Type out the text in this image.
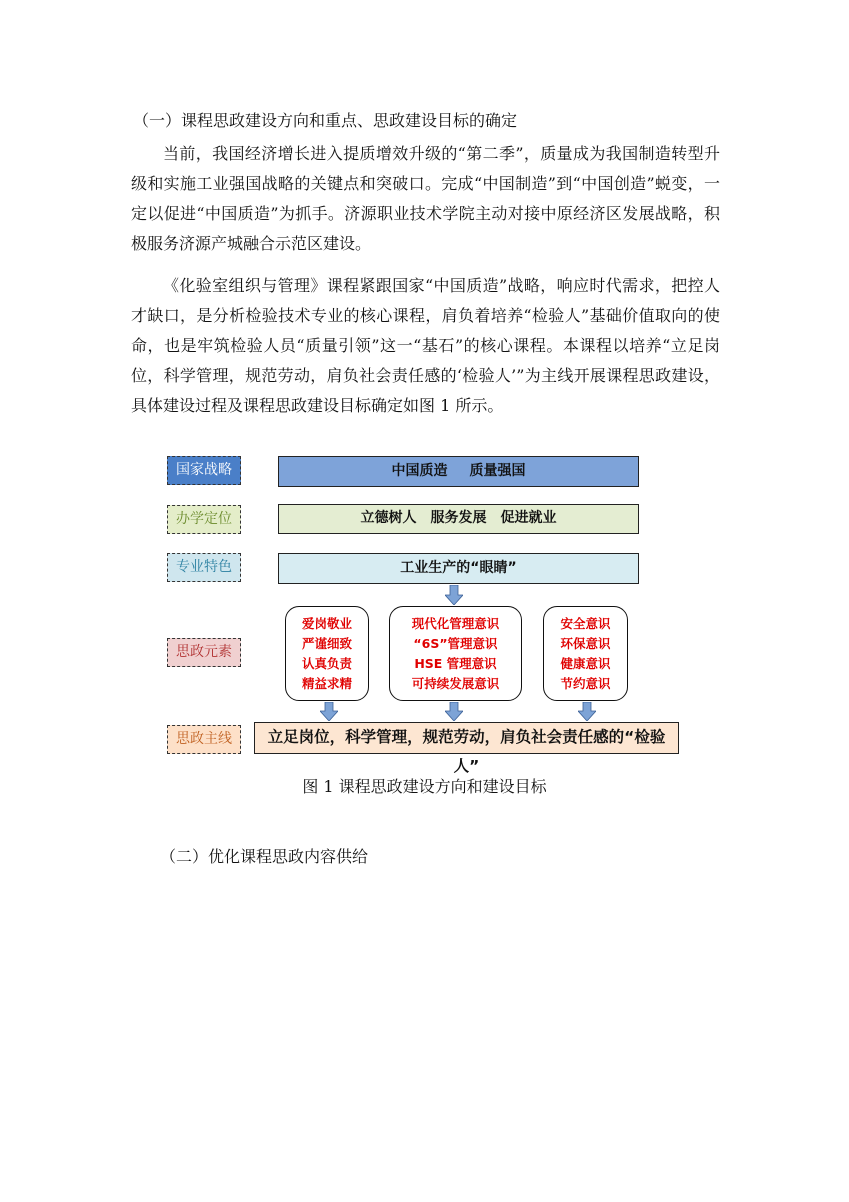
（一）课程思政建设方向和重点、思政建设目标的确定

当前，我国经济增长进入提质增效升级的“第二季”，质量成为我国制造转型升级和实施工业强国战略的关键点和突破口。完成“中国制造”到“中国创造”蜕变，一定以促进“中国质造”为抓手。济源职业技术学院主动对接中原经济区发展战略，积极服务济源产城融合示范区建设。

《化验室组织与管理》课程紧跟国家“中国质造”战略，响应时代需求，把控人才缺口，是分析检验技术专业的核心课程，肩负着培养“检验人”基础价值取向的使命，也是牢筑检验人员“质量引领”这一“基石”的核心课程。本课程以培养“立足岗位，科学管理，规范劳动，肩负社会责任感的‘检验人’”为主线开展课程思政建设，具体建设过程及课程思政建设目标确定如图 1 所示。

国家战略
办学定位
专业特色
思政元素
思政主线
中国质造 质量强国
立德树人 服务发展 促进就业
工业生产的“眼睛”
立足岗位，科学管理，规范劳动，肩负社会责任感的“检验人”
爱岗敬业
严谨细致
认真负责
精益求精
现代化管理意识
“6S”管理意识
HSE 管理意识
可持续发展意识
安全意识
环保意识
健康意识
节约意识
图 1 课程思政建设方向和建设目标
（二）优化课程思政内容供给
